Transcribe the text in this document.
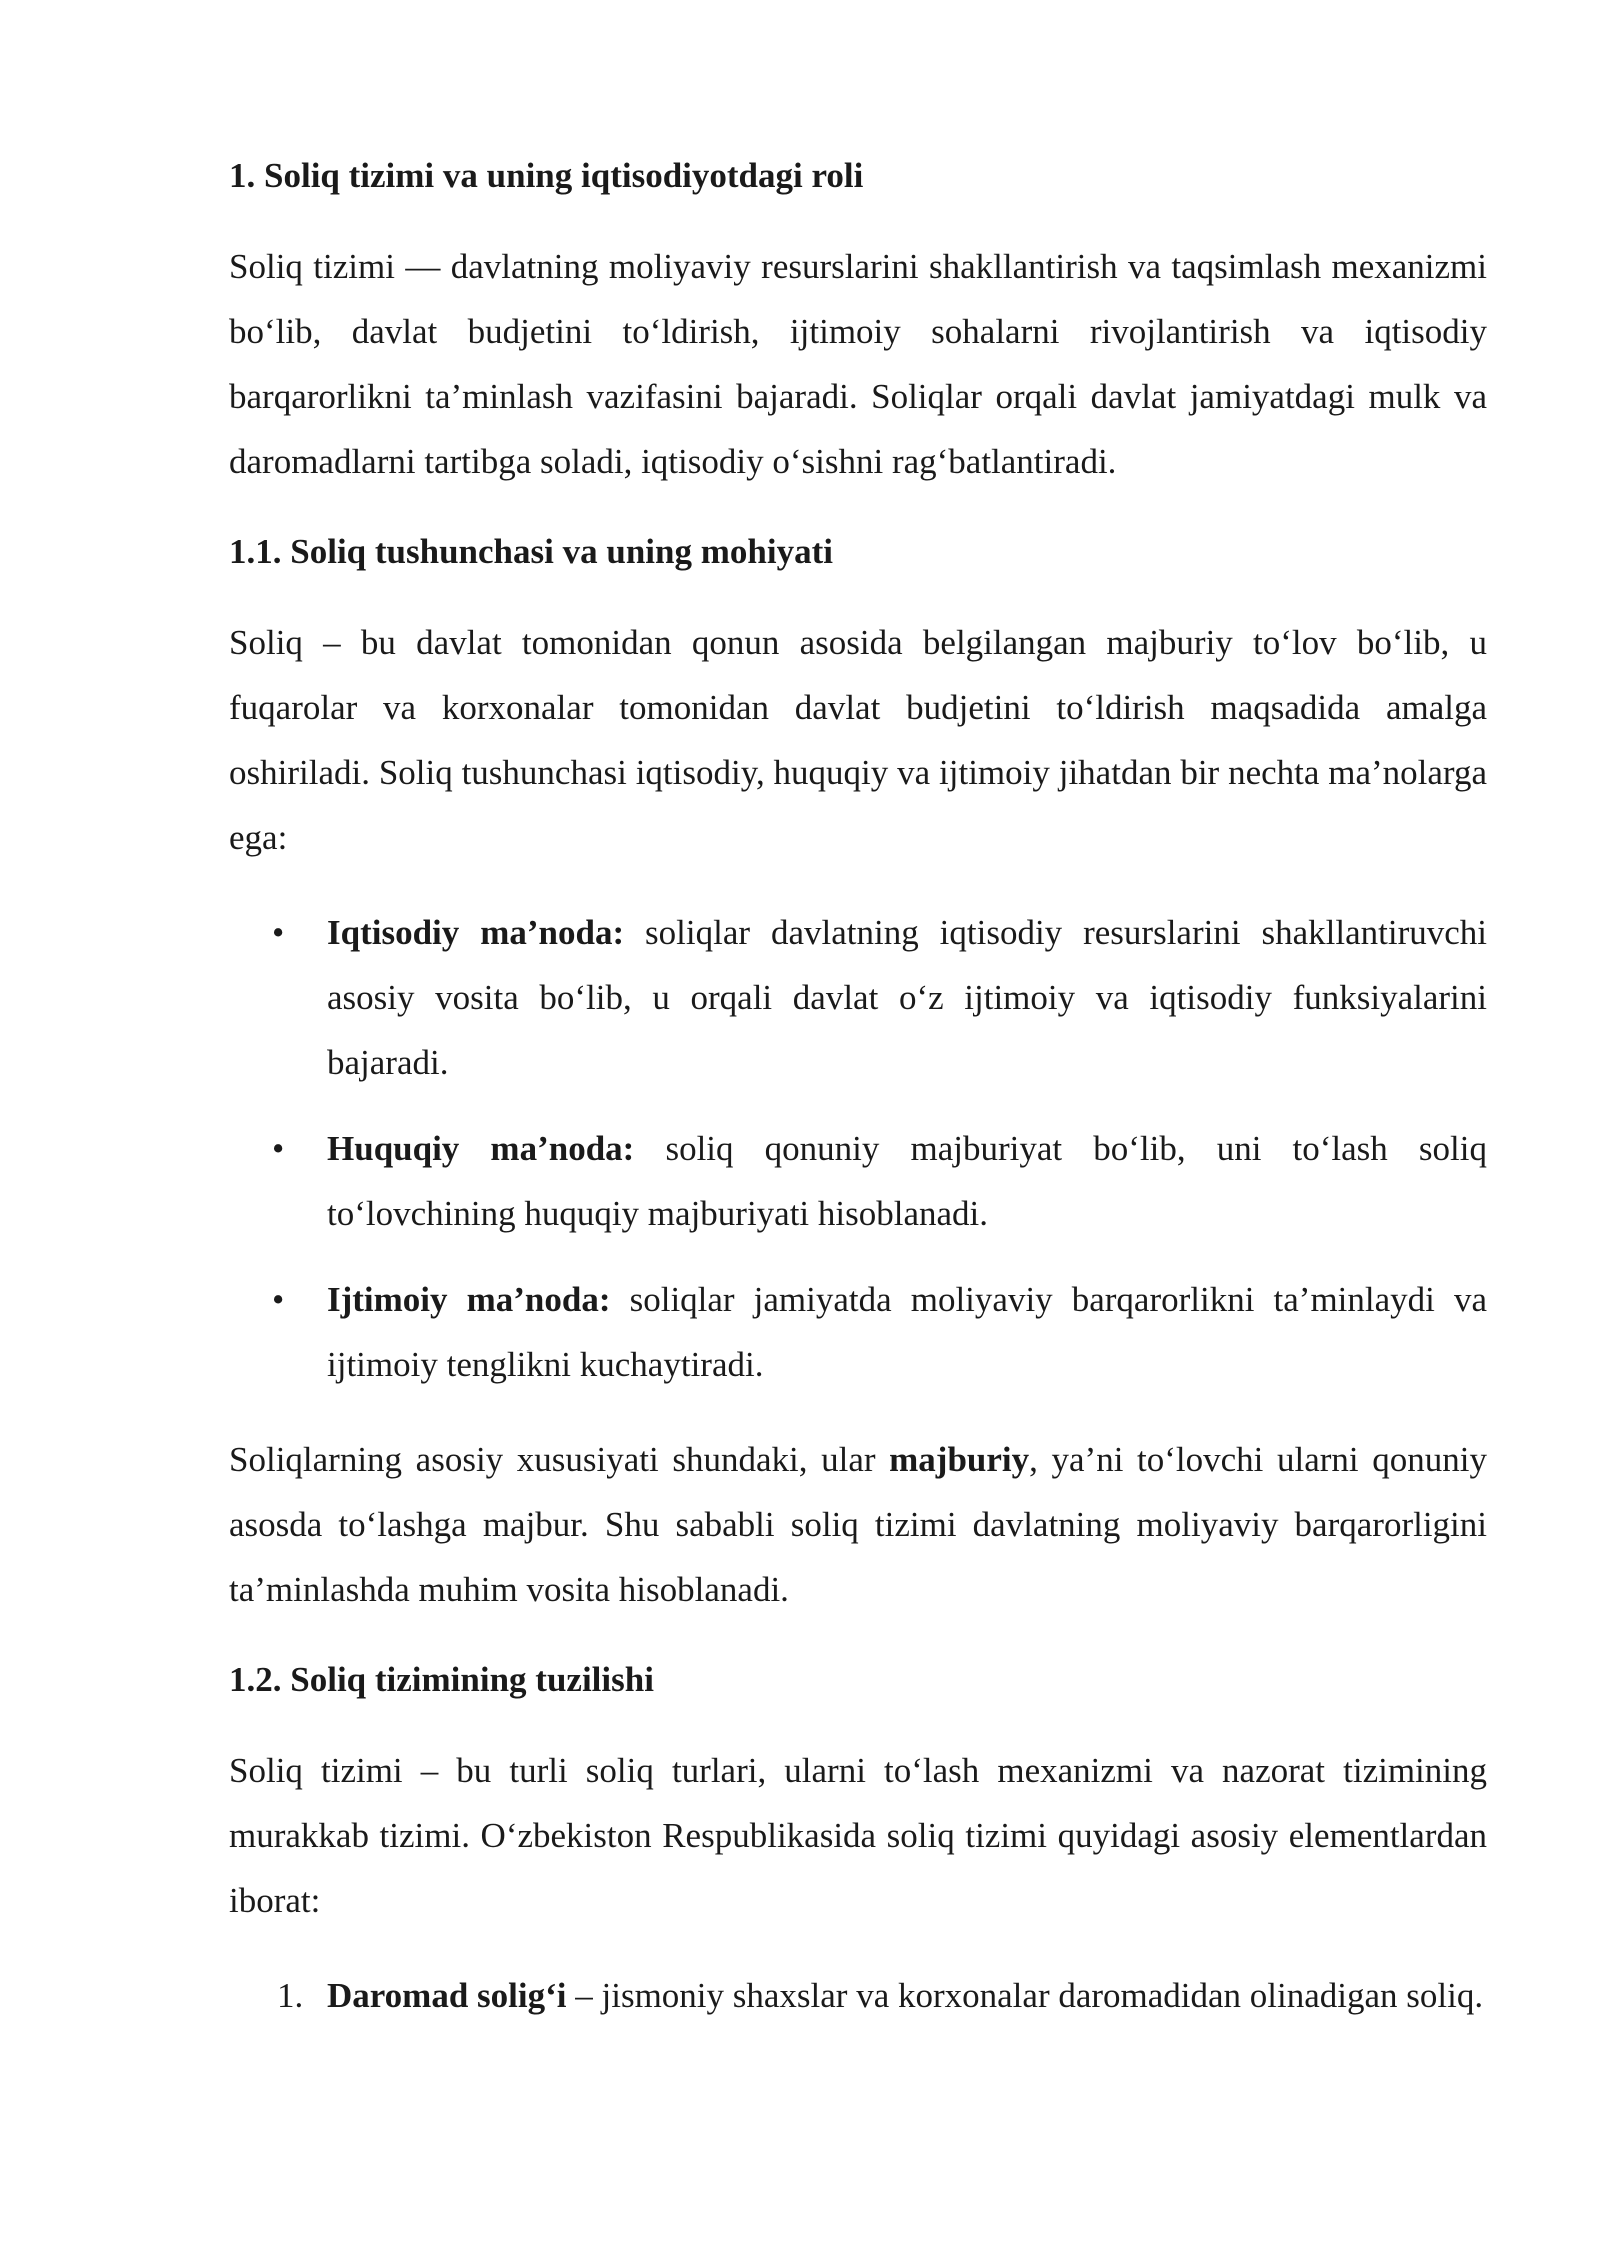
1. Soliq tizimi va uning iqtisodiyotdagi roli

Soliq tizimi — davlatning moliyaviy resurslarini shakllantirish va taqsimlash mexanizmi bo‘lib, davlat budjetini to‘ldirish, ijtimoiy sohalarni rivojlantirish va iqtisodiy barqarorlikni ta’minlash vazifasini bajaradi. Soliqlar orqali davlat jamiyatdagi mulk va daromadlarni tartibga soladi, iqtisodiy o‘sishni rag‘batlantiradi.

1.1. Soliq tushunchasi va uning mohiyati

Soliq – bu davlat tomonidan qonun asosida belgilangan majburiy to‘lov bo‘lib, u fuqarolar va korxonalar tomonidan davlat budjetini to‘ldirish maqsadida amalga oshiriladi. Soliq tushunchasi iqtisodiy, huquqiy va ijtimoiy jihatdan bir nechta ma’nolarga ega:

• Iqtisodiy ma’noda: soliqlar davlatning iqtisodiy resurslarini shakllantiruvchi asosiy vosita bo‘lib, u orqali davlat o‘z ijtimoiy va iqtisodiy funksiyalarini bajaradi.
• Huquqiy ma’noda: soliq qonuniy majburiyat bo‘lib, uni to‘lash soliq to‘lovchining huquqiy majburiyati hisoblanadi.
• Ijtimoiy ma’noda: soliqlar jamiyatda moliyaviy barqarorlikni ta’minlaydi va ijtimoiy tenglikni kuchaytiradi.

Soliqlarning asosiy xususiyati shundaki, ular majburiy, ya’ni to‘lovchi ularni qonuniy asosda to‘lashga majbur. Shu sababli soliq tizimi davlatning moliyaviy barqarorligini ta’minlashda muhim vosita hisoblanadi.

1.2. Soliq tizimining tuzilishi

Soliq tizimi – bu turli soliq turlari, ularni to‘lash mexanizmi va nazorat tizimining murakkab tizimi. O‘zbekiston Respublikasida soliq tizimi quyidagi asosiy elementlardan iborat:

1. Daromad solig‘i – jismoniy shaxslar va korxonalar daromadidan olinadigan soliq.
